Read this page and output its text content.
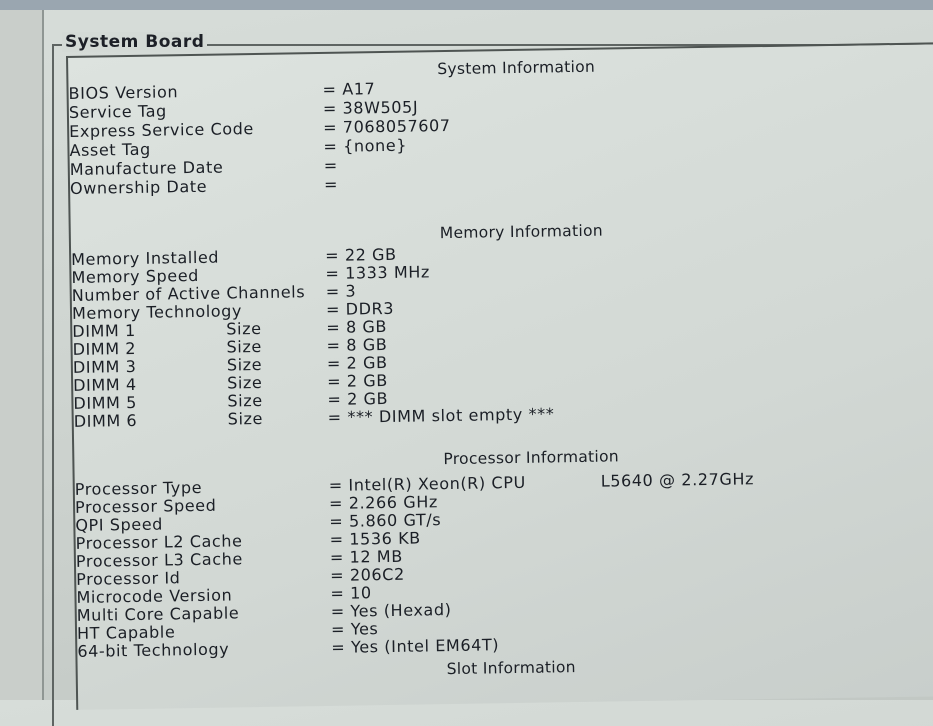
System Board
System Information
BIOS Version	= A17
Service Tag	= 38W505J
Express Service Code	= 7068057607
Asset Tag	= {none}
Manufacture Date	=
Ownership Date	=
Memory Information
Memory Installed	= 22 GB
Memory Speed	= 1333 MHz
Number of Active Channels = 3
Memory Technology	= DDR3
DIMM 1	Size	= 8 GB
DIMM 2	Size	= 8 GB
DIMM 3	Size	= 2 GB
DIMM 4	Size	= 2 GB
DIMM 5	Size	= 2 GB
DIMM 6	Size	= *** DIMM slot empty ***
Processor Information
Processor Type	= Intel(R) Xeon(R) CPU	L5640 @ 2.27GHz
Processor Speed	= 2.266 GHz
QPI Speed	= 5.860 GT/s
Processor L2 Cache	= 1536 KB
Processor L3 Cache	= 12 MB
Processor Id	= 206C2
Microcode Version	= 10
Multi Core Capable	= Yes (Hexad)
HT Capable	= Yes
64-bit Technology	= Yes (Intel EM64T)
Slot Information
